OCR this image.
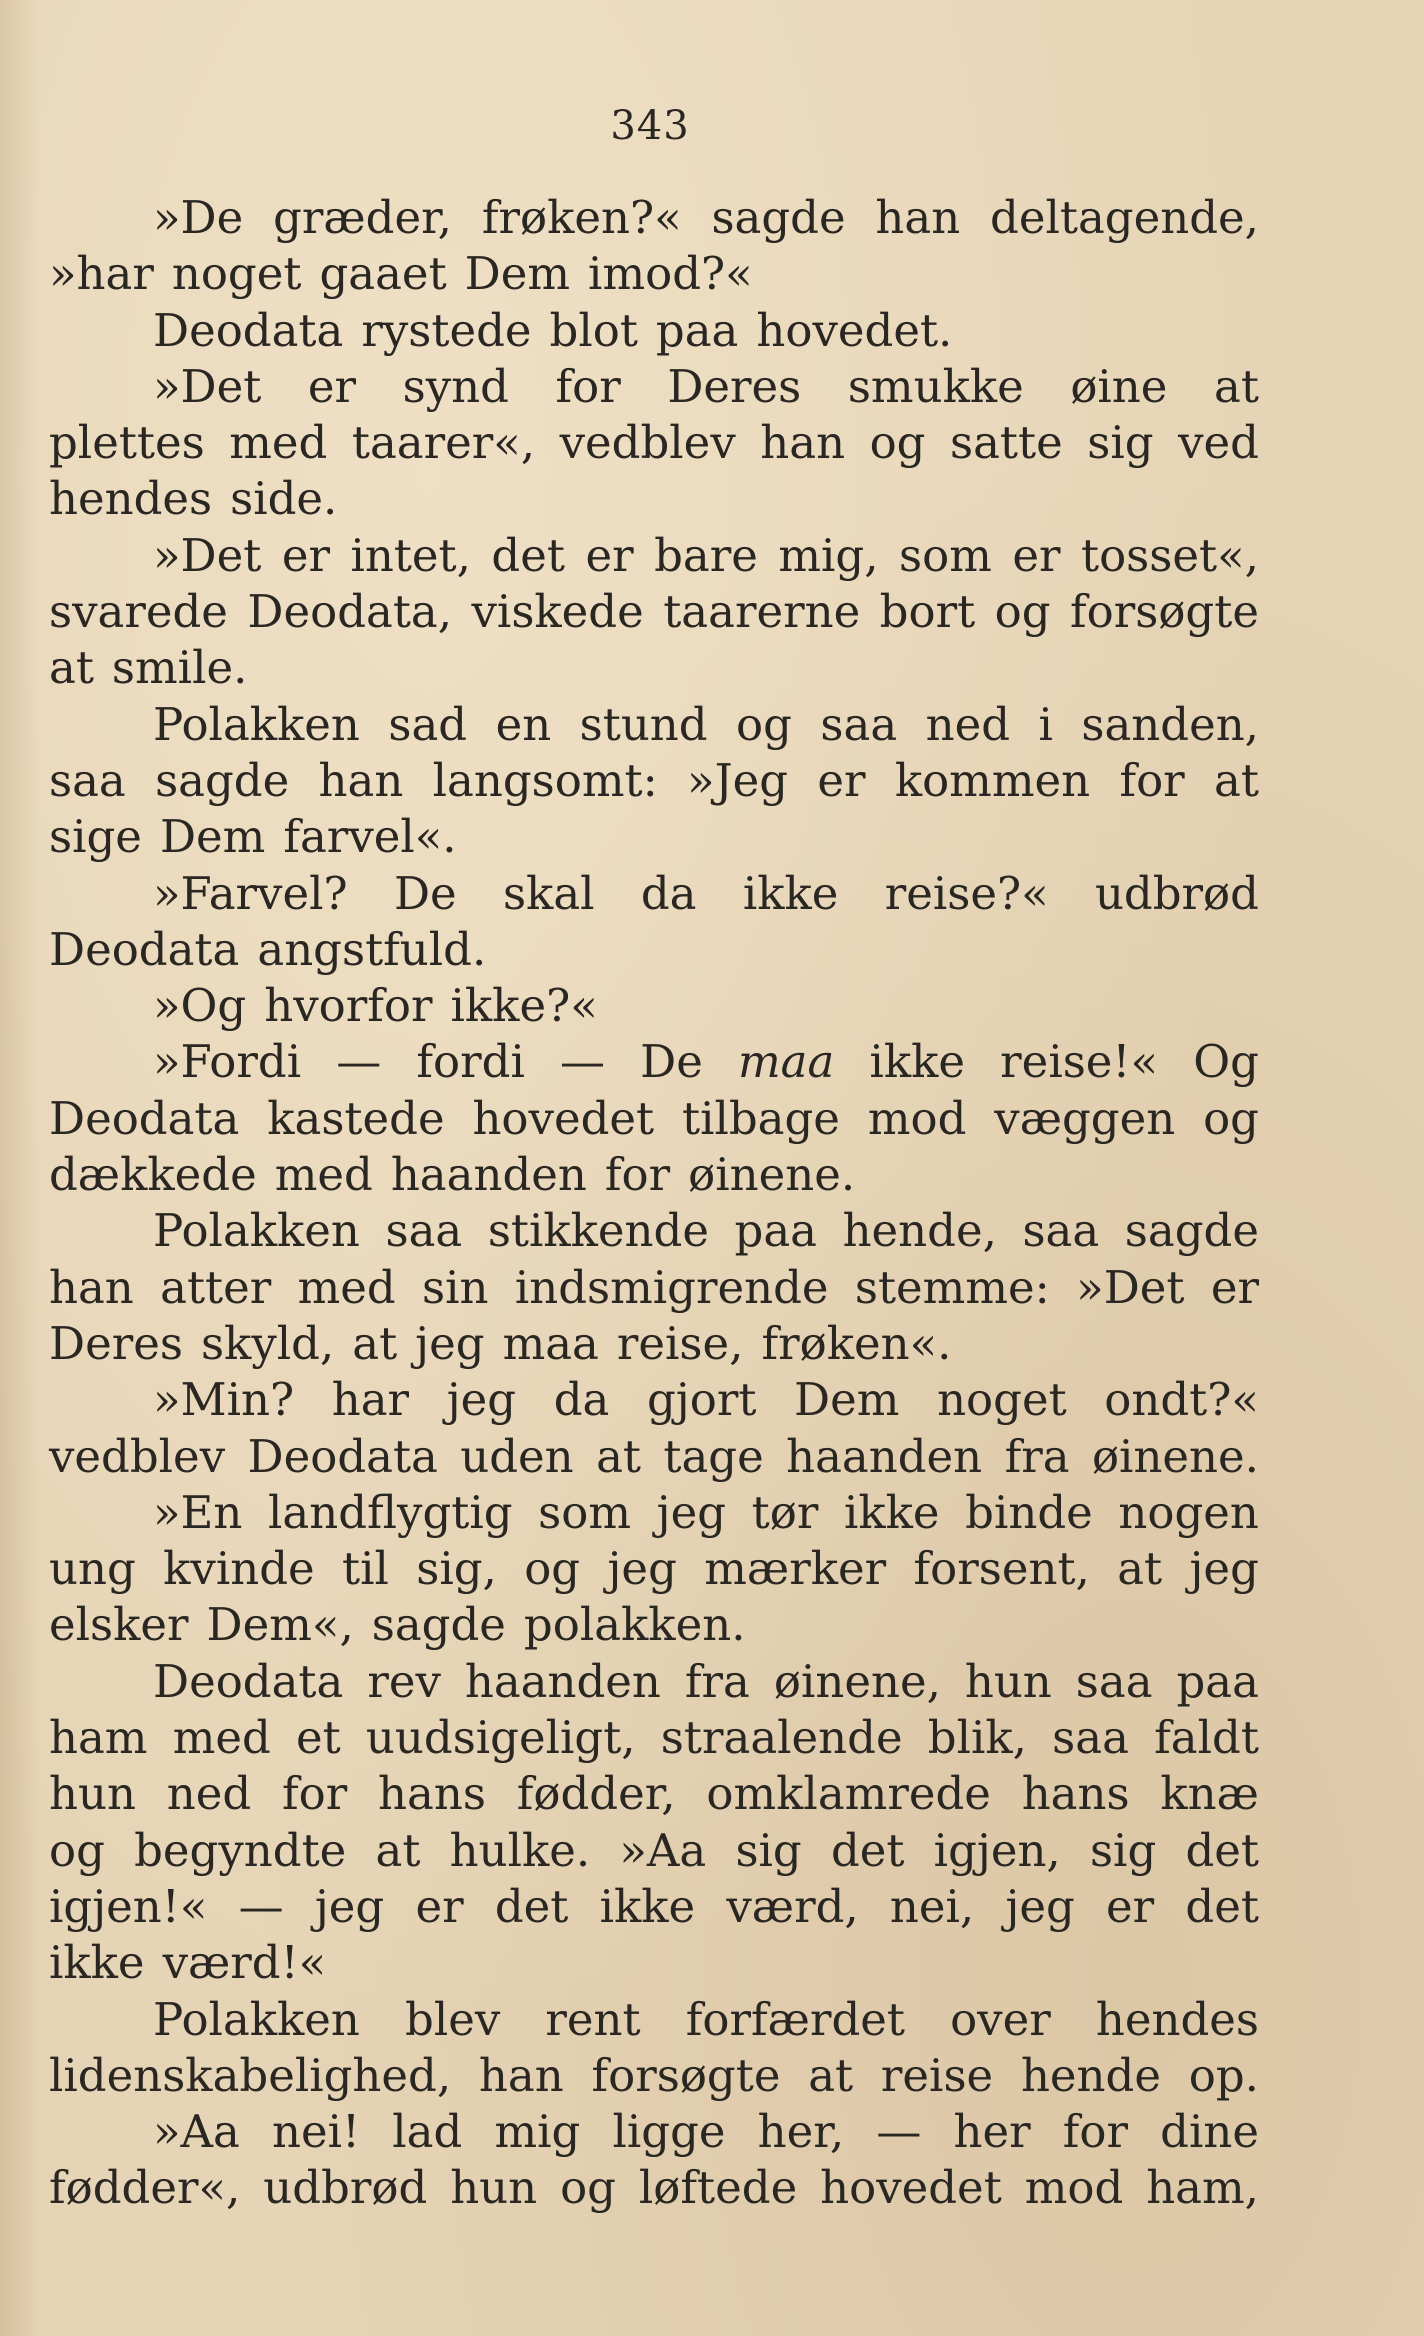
343
»De græder, frøken?« sagde han deltagende,
»har noget gaaet Dem imod?«
Deodata rystede blot paa hovedet.
»Det er synd for Deres smukke øine at
plettes med taarer«, vedblev han og satte sig ved
hendes side.
»Det er intet, det er bare mig, som er tosset«,
svarede Deodata, viskede taarerne bort og forsøgte
at smile.
Polakken sad en stund og saa ned i sanden,
saa sagde han langsomt: »Jeg er kommen for at
sige Dem farvel«.
»Farvel? De skal da ikke reise?« udbrød
Deodata angstfuld.
»Og hvorfor ikke?«
»Fordi — fordi — De maa ikke reise!« Og
Deodata kastede hovedet tilbage mod væggen og
dækkede med haanden for øinene.
Polakken saa stikkende paa hende, saa sagde
han atter med sin indsmigrende stemme: »Det er
Deres skyld, at jeg maa reise, frøken«.
»Min? har jeg da gjort Dem noget ondt?«
vedblev Deodata uden at tage haanden fra øinene.
»En landflygtig som jeg tør ikke binde nogen
ung kvinde til sig, og jeg mærker forsent, at jeg
elsker Dem«, sagde polakken.
Deodata rev haanden fra øinene, hun saa paa
ham med et uudsigeligt, straalende blik, saa faldt
hun ned for hans fødder, omklamrede hans knæ
og begyndte at hulke. »Aa sig det igjen, sig det
igjen!« — jeg er det ikke værd, nei, jeg er det
ikke værd!«
Polakken blev rent forfærdet over hendes
lidenskabelighed, han forsøgte at reise hende op.
»Aa nei! lad mig ligge her, — her for dine
fødder«, udbrød hun og løftede hovedet mod ham,
